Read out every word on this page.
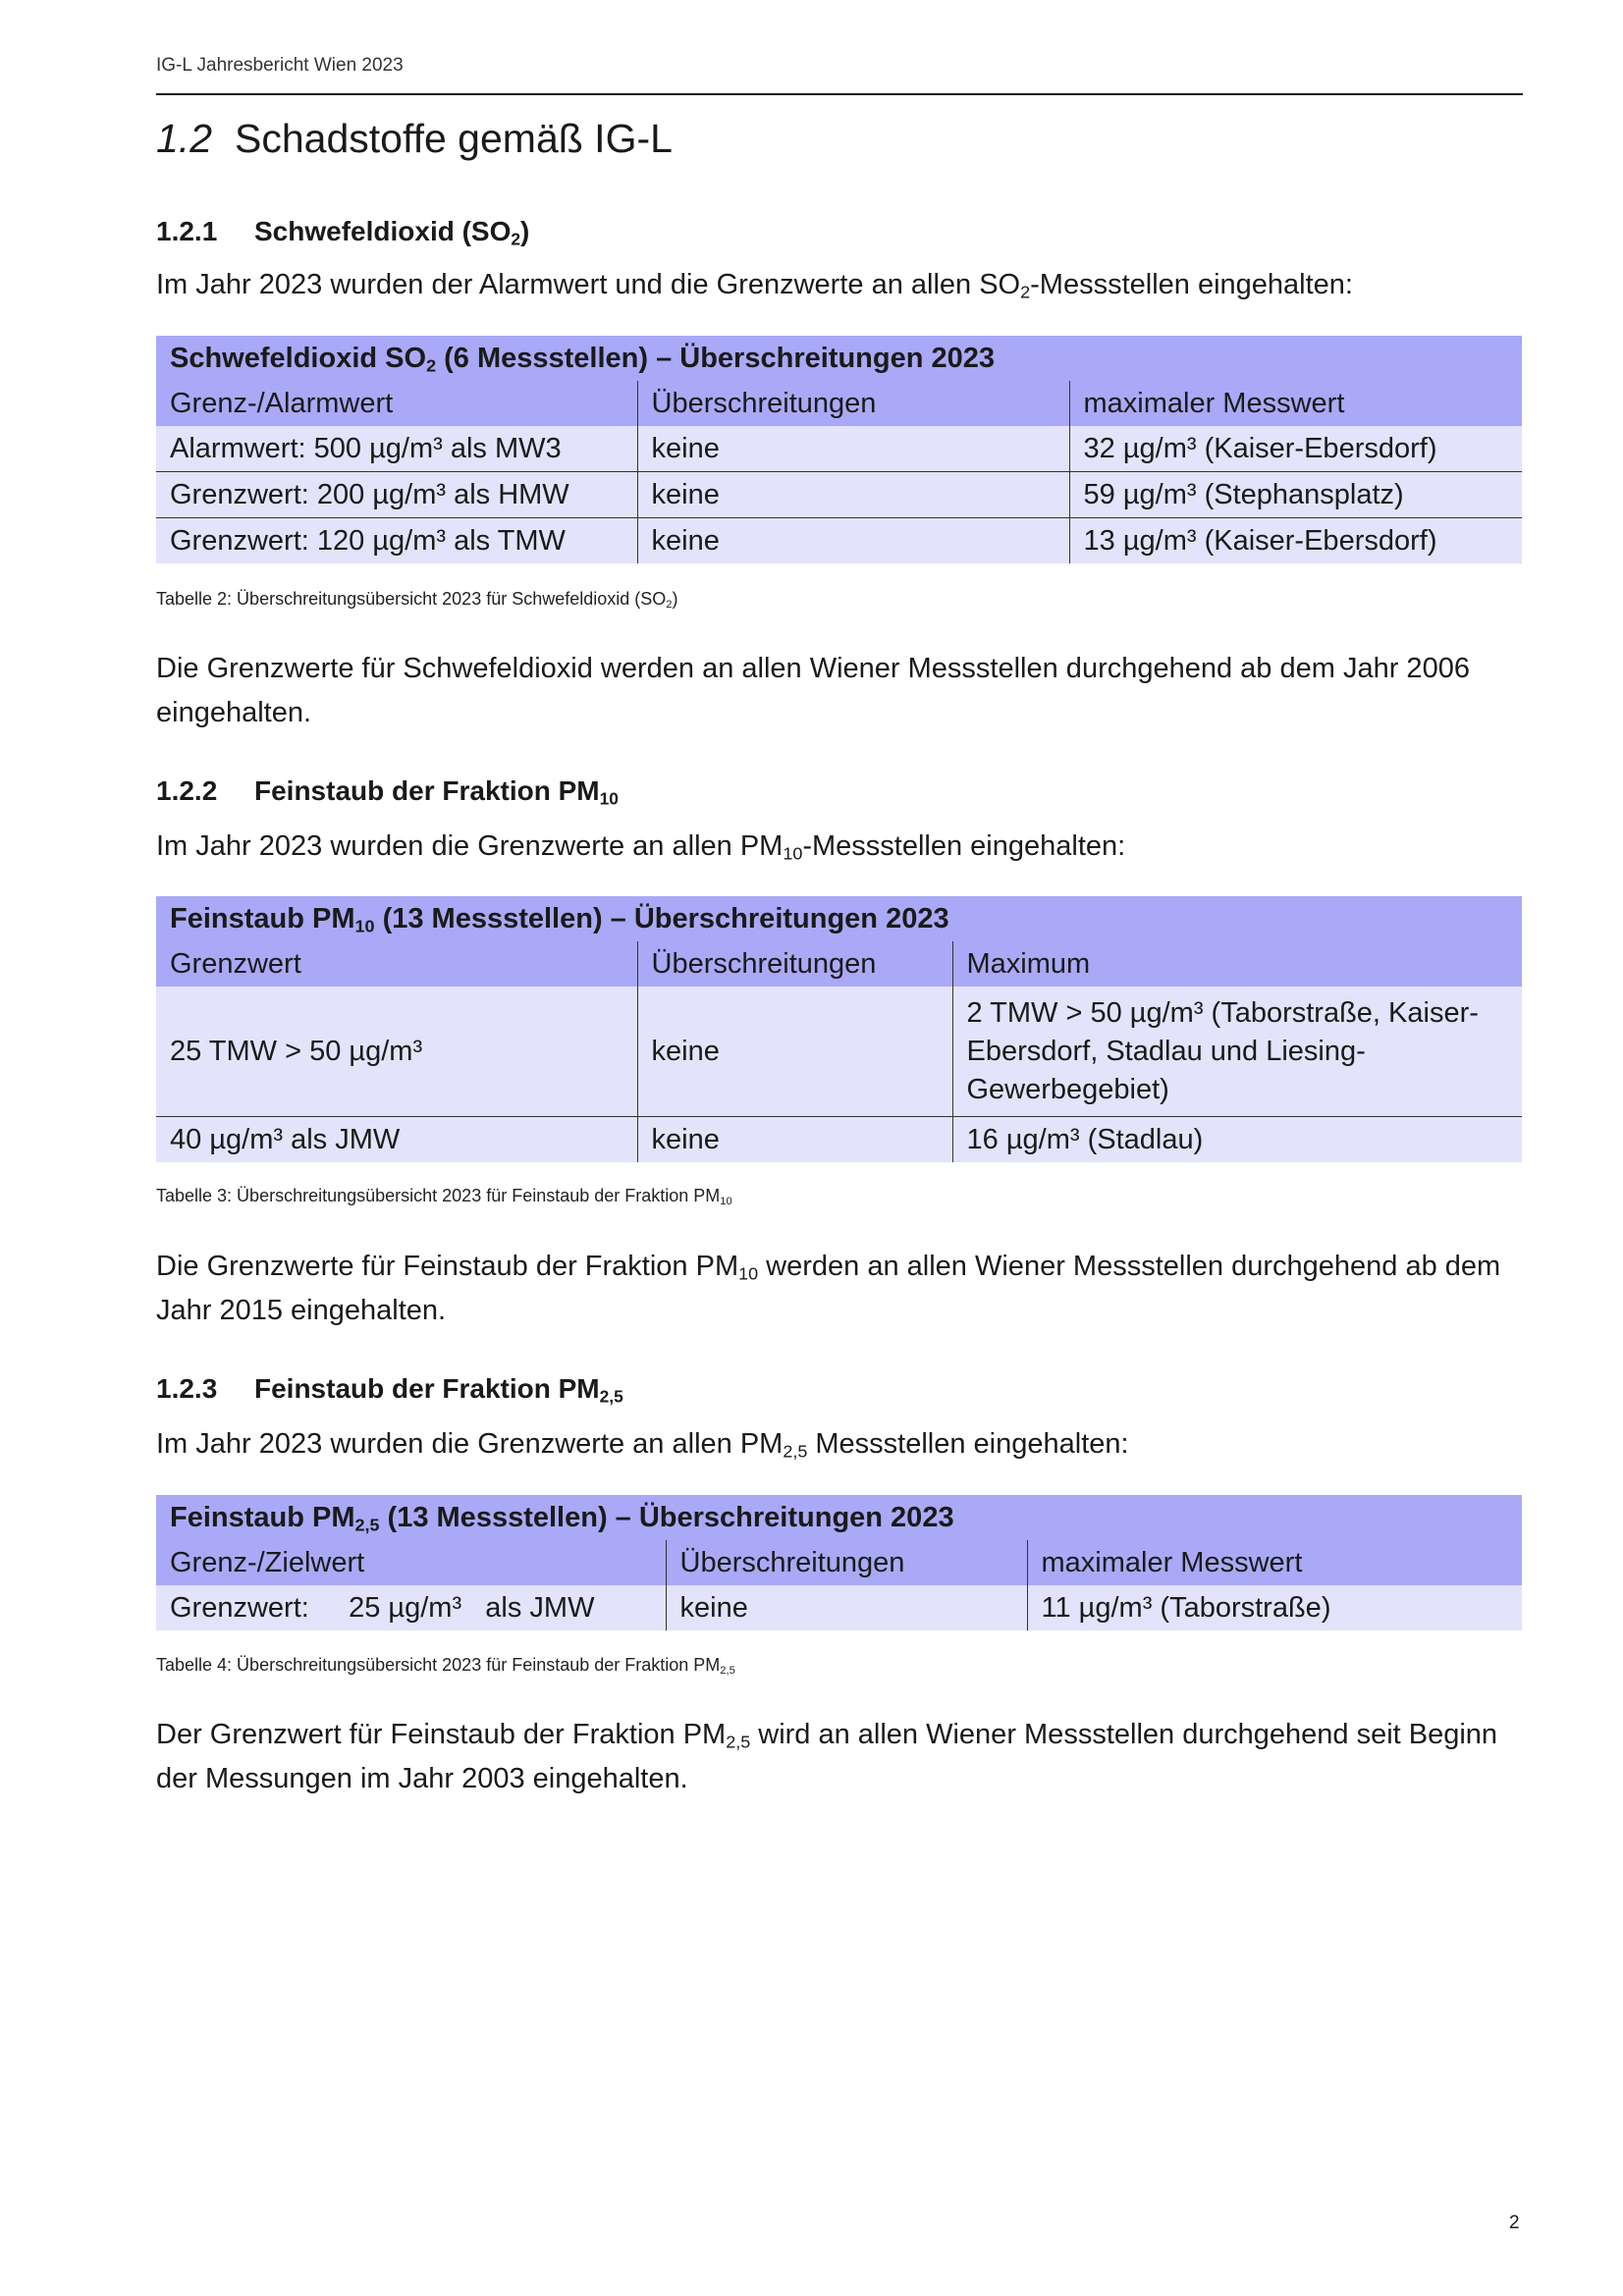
IG-L Jahresbericht Wien 2023
1.2 Schadstoffe gemäß IG-L
1.2.1 Schwefeldioxid $(SO_2)$

Im Jahr 2023 wurden der Alarmwert und die Grenzwerte an allen $SO_2$-Messstellen eingehalten:

Schwefeldioxid $SO_2$ (6 Messstellen) – Überschreitungen 2023		
Grenz-/Alarmwert	Überschreitungen	maximaler Messwert
Alarmwert: 500 µg/m³ als MW3	keine	32 µg/m³ (Kaiser-Ebersdorf)
Grenzwert: 200 µg/m³ als HMW	keine	59 µg/m³ (Stephansplatz)
Grenzwert: 120 µg/m³ als TMW	keine	13 µg/m³ (Kaiser-Ebersdorf)
Tabelle 2: Überschreitungsübersicht 2023 für Schwefeldioxid $(SO_2)$

Die Grenzwerte für Schwefeldioxid werden an allen Wiener Messstellen durchgehend ab dem Jahr 2006
eingehalten.

1.2.2 Feinstaub der Fraktion $PM_{10}$

Im Jahr 2023 wurden die Grenzwerte an allen $PM_{10}$-Messstellen eingehalten:

Feinstaub $PM_{10}$ (13 Messstellen) – Überschreitungen 2023		
Grenzwert	Überschreitungen	Maximum
25 TMW > 50 µg/m³	keine	2 TMW > 50 µg/m³ (Taborstraße, Kaiser-Ebersdorf, Stadlau und Liesing-Gewerbegebiet)
40 µg/m³ als JMW	keine	16 µg/m³ (Stadlau)
Tabelle 3: Überschreitungsübersicht 2023 für Feinstaub der Fraktion $PM_{10}$

Die Grenzwerte für Feinstaub der Fraktion $PM_{10}$ werden an allen Wiener Messstellen durchgehend ab dem
Jahr 2015 eingehalten.

1.2.3 Feinstaub der Fraktion $PM_{2,5}$

Im Jahr 2023 wurden die Grenzwerte an allen $PM_{2,5}$ Messstellen eingehalten:

Feinstaub $PM_{2,5}$ (13 Messstellen) – Überschreitungen 2023		
Grenz-/Zielwert	Überschreitungen	maximaler Messwert
Grenzwert:     25 µg/m³   als JMW	keine	11 µg/m³ (Taborstraße)
Tabelle 4: Überschreitungsübersicht 2023 für Feinstaub der Fraktion $PM_{2,5}$

Der Grenzwert für Feinstaub der Fraktion $PM_{2,5}$ wird an allen Wiener Messstellen durchgehend seit Beginn
der Messungen im Jahr 2003 eingehalten.

2
